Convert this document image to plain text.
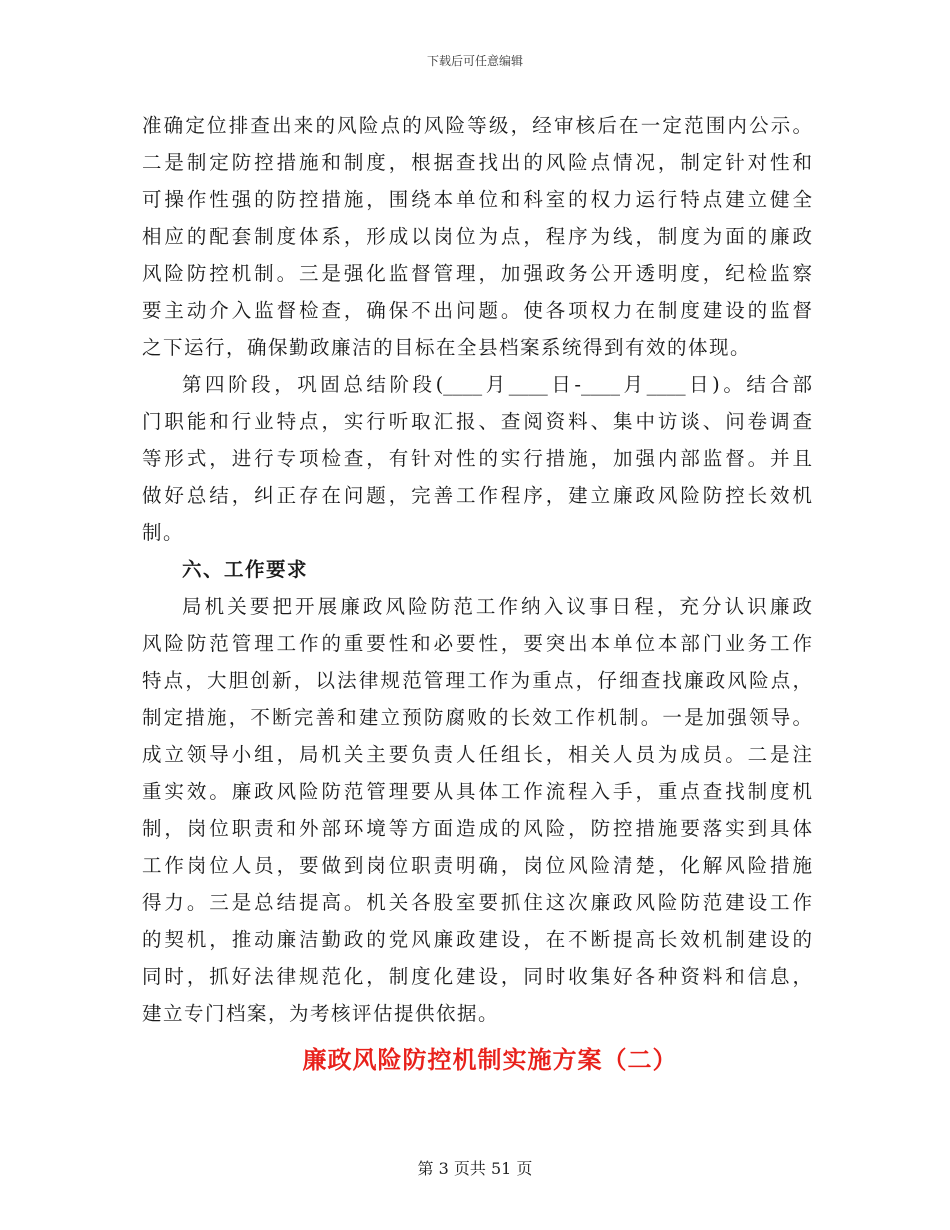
下载后可任意编辑
准确定位排查出来的风险点的风险等级，经审核后在一定范围内公示。
二是制定防控措施和制度，根据查找出的风险点情况，制定针对性和
可操作性强的防控措施，围绕本单位和科室的权力运行特点建立健全
相应的配套制度体系，形成以岗位为点，程序为线，制度为面的廉政
风险防控机制。三是强化监督管理，加强政务公开透明度，纪检监察
要主动介入监督检查，确保不出问题。使各项权力在制度建设的监督
之下运行，确保勤政廉洁的目标在全县档案系统得到有效的体现。
第四阶段，巩固总结阶段(____月____日-____月____日)。结合部
门职能和行业特点，实行听取汇报、查阅资料、集中访谈、问卷调查
等形式，进行专项检查，有针对性的实行措施，加强内部监督。并且
做好总结，纠正存在问题，完善工作程序，建立廉政风险防控长效机
制。
六、工作要求
局机关要把开展廉政风险防范工作纳入议事日程，充分认识廉政
风险防范管理工作的重要性和必要性，要突出本单位本部门业务工作
特点，大胆创新，以法律规范管理工作为重点，仔细查找廉政风险点，
制定措施，不断完善和建立预防腐败的长效工作机制。一是加强领导。
成立领导小组，局机关主要负责人任组长，相关人员为成员。二是注
重实效。廉政风险防范管理要从具体工作流程入手，重点查找制度机
制，岗位职责和外部环境等方面造成的风险，防控措施要落实到具体
工作岗位人员，要做到岗位职责明确，岗位风险清楚，化解风险措施
得力。三是总结提高。机关各股室要抓住这次廉政风险防范建设工作
的契机，推动廉洁勤政的党风廉政建设，在不断提高长效机制建设的
同时，抓好法律规范化，制度化建设，同时收集好各种资料和信息，
建立专门档案，为考核评估提供依据。
廉政风险防控机制实施方案（二）
第 3 页共 51 页
